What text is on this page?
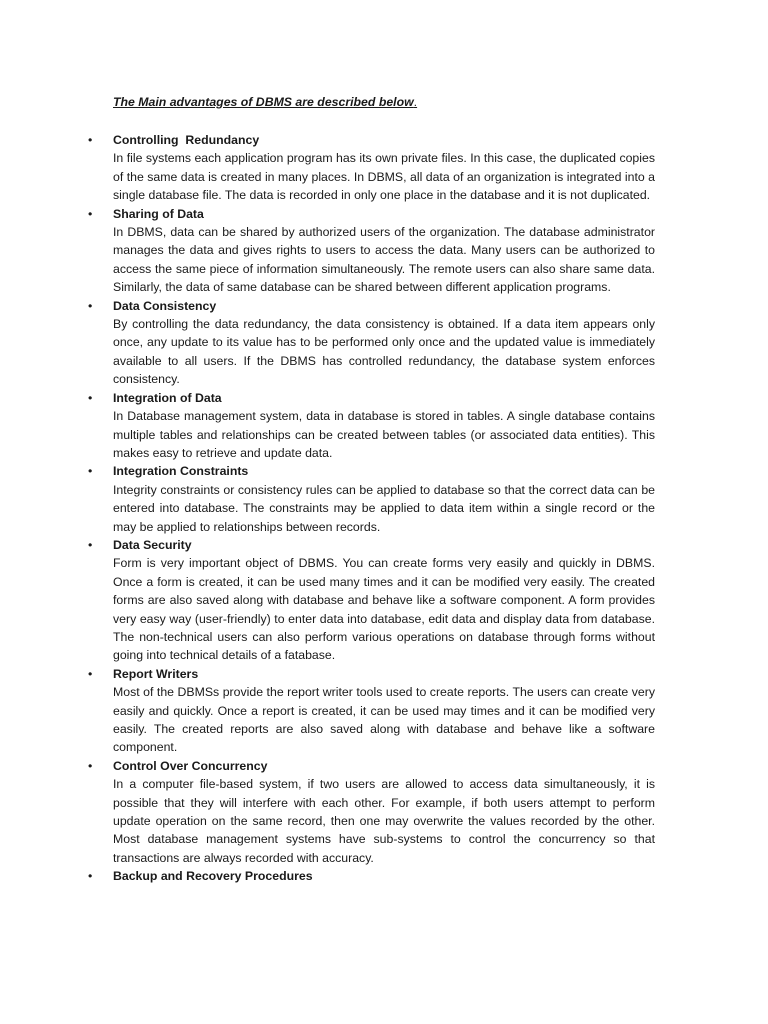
The Main advantages of DBMS are described below.
• Controlling  Redundancy
In file systems each application program has its own private files. In this case, the duplicated copies of the same data is created in many places. In DBMS, all data of an organization is integrated into a single database file. The data is recorded in only one place in the database and it is not duplicated.
• Sharing of Data
In DBMS, data can be shared by authorized users of the organization. The database administrator manages the data and gives rights to users to access the data. Many users can be authorized to access the same piece of information simultaneously. The remote users can also share same data. Similarly, the data of same database can be shared between different application programs.
• Data Consistency
By controlling the data redundancy, the data consistency is obtained. If a data item appears only once, any update to its value has to be performed only once and the updated value is immediately available to all users. If the DBMS has controlled redundancy, the database system enforces consistency.
• Integration of Data
In Database management system, data in database is stored in tables. A single database contains multiple tables and relationships can be created between tables (or associated data entities). This makes easy to retrieve and update data.
• Integration Constraints
Integrity constraints or consistency rules can be applied to database so that the correct data can be entered into database. The constraints may be applied to data item within a single record or the may be applied to relationships between records.
• Data Security
Form is very important object of DBMS. You can create forms very easily and quickly in DBMS. Once a form is created, it can be used many times and it can be modified very easily. The created forms are also saved along with database and behave like a software component. A form provides very easy way (user-friendly) to enter data into database, edit data and display data from database. The non-technical users can also perform various operations on database through forms without going into technical details of a fatabase.
• Report Writers
Most of the DBMSs provide the report writer tools used to create reports. The users can create very easily and quickly. Once a report is created, it can be used may times and it can be modified very easily. The created reports are also saved along with database and behave like a software component.
• Control Over Concurrency
In a computer file-based system, if two users are allowed to access data simultaneously, it is possible that they will interfere with each other. For example, if both users attempt to perform update operation on the same record, then one may overwrite the values recorded by the other. Most database management systems have sub-systems to control the concurrency so that transactions are always recorded with accuracy.
• Backup and Recovery Procedures
